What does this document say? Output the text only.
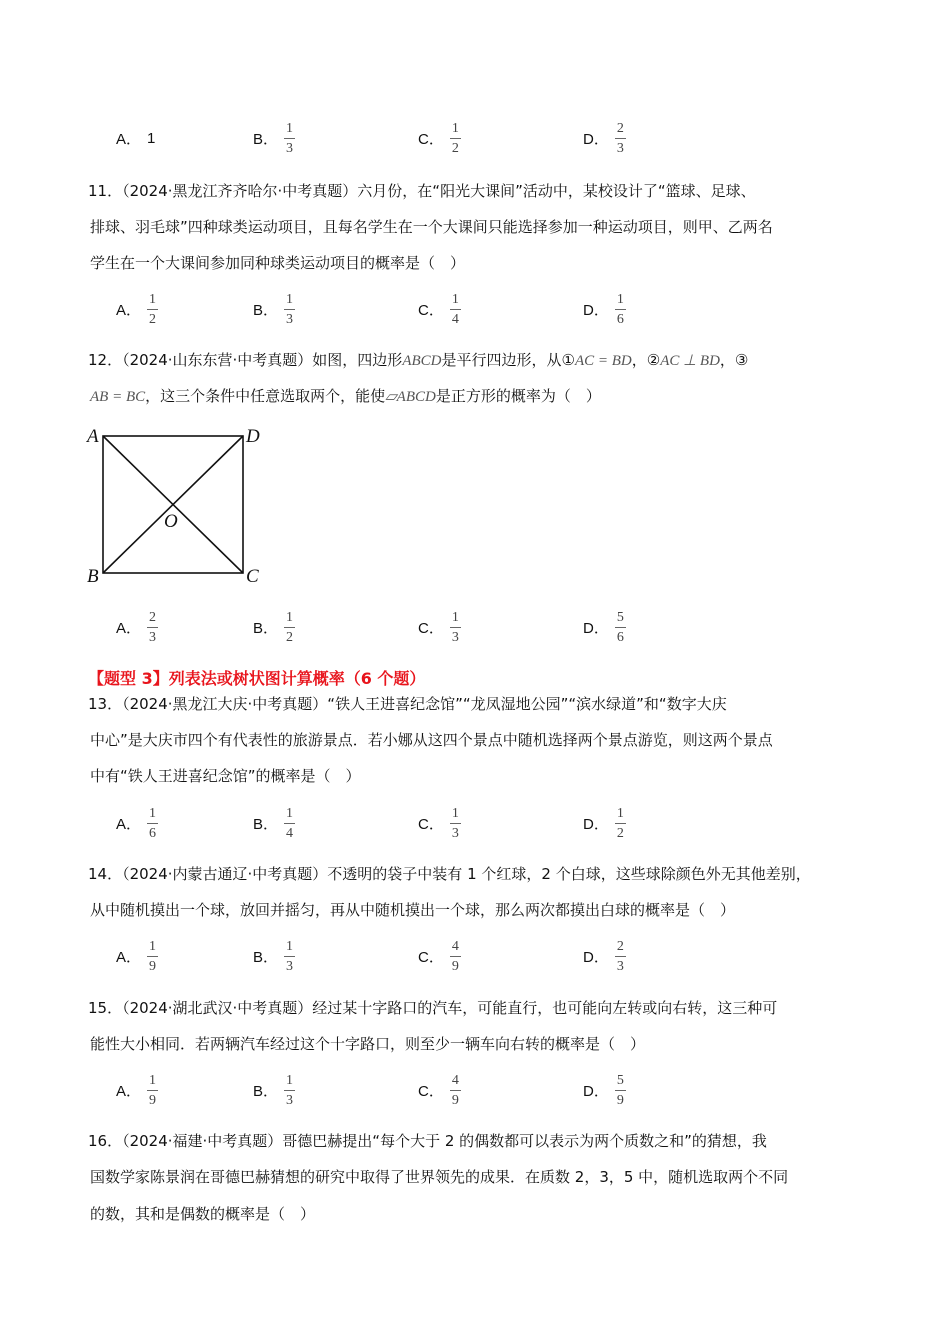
A． 1	B． $\frac{1}{3}$	C． $\frac{1}{2}$	D． $\frac{2}{3}$
11．（2024·黑龙江齐齐哈尔·中考真题）六月份，在“阳光大课间”活动中，某校设计了“篮球、足球、
排球、羽毛球”四种球类运动项目，且每名学生在一个大课间只能选择参加一种运动项目，则甲、乙两名
学生在一个大课间参加同种球类运动项目的概率是（　）
A． $\frac{1}{2}$	B． $\frac{1}{3}$	C． $\frac{1}{4}$	D． $\frac{1}{6}$
12．（2024·山东东营·中考真题）如图，四边形ABCD是平行四边形，从①AC = BD，②AC ⊥ BD，③
AB = BC，这三个条件中任意选取两个，能使▱ABCD是正方形的概率为（　）
A	D
B	C
O
A． $\frac{2}{3}$	B． $\frac{1}{2}$	C． $\frac{1}{3}$	D． $\frac{5}{6}$
【题型 3】列表法或树状图计算概率（6 个题）
13．（2024·黑龙江大庆·中考真题）“铁人王进喜纪念馆”“龙凤湿地公园”“滨水绿道”和“数字大庆
中心”是大庆市四个有代表性的旅游景点．若小娜从这四个景点中随机选择两个景点游览，则这两个景点
中有“铁人王进喜纪念馆”的概率是（　）
A． $\frac{1}{6}$	B． $\frac{1}{4}$	C． $\frac{1}{3}$	D． $\frac{1}{2}$
14．（2024·内蒙古通辽·中考真题）不透明的袋子中装有 1 个红球，2 个白球，这些球除颜色外无其他差别，
从中随机摸出一个球，放回并摇匀，再从中随机摸出一个球，那么两次都摸出白球的概率是（　）
A． $\frac{1}{9}$	B． $\frac{1}{3}$	C． $\frac{4}{9}$	D． $\frac{2}{3}$
15．（2024·湖北武汉·中考真题）经过某十字路口的汽车，可能直行，也可能向左转或向右转，这三种可
能性大小相同．若两辆汽车经过这个十字路口，则至少一辆车向右转的概率是（　）
A． $\frac{1}{9}$	B． $\frac{1}{3}$	C． $\frac{4}{9}$	D． $\frac{5}{9}$
16．（2024·福建·中考真题）哥德巴赫提出“每个大于 2 的偶数都可以表示为两个质数之和”的猜想，我
国数学家陈景润在哥德巴赫猜想的研究中取得了世界领先的成果．在质数 2，3，5 中，随机选取两个不同
的数，其和是偶数的概率是（　）
